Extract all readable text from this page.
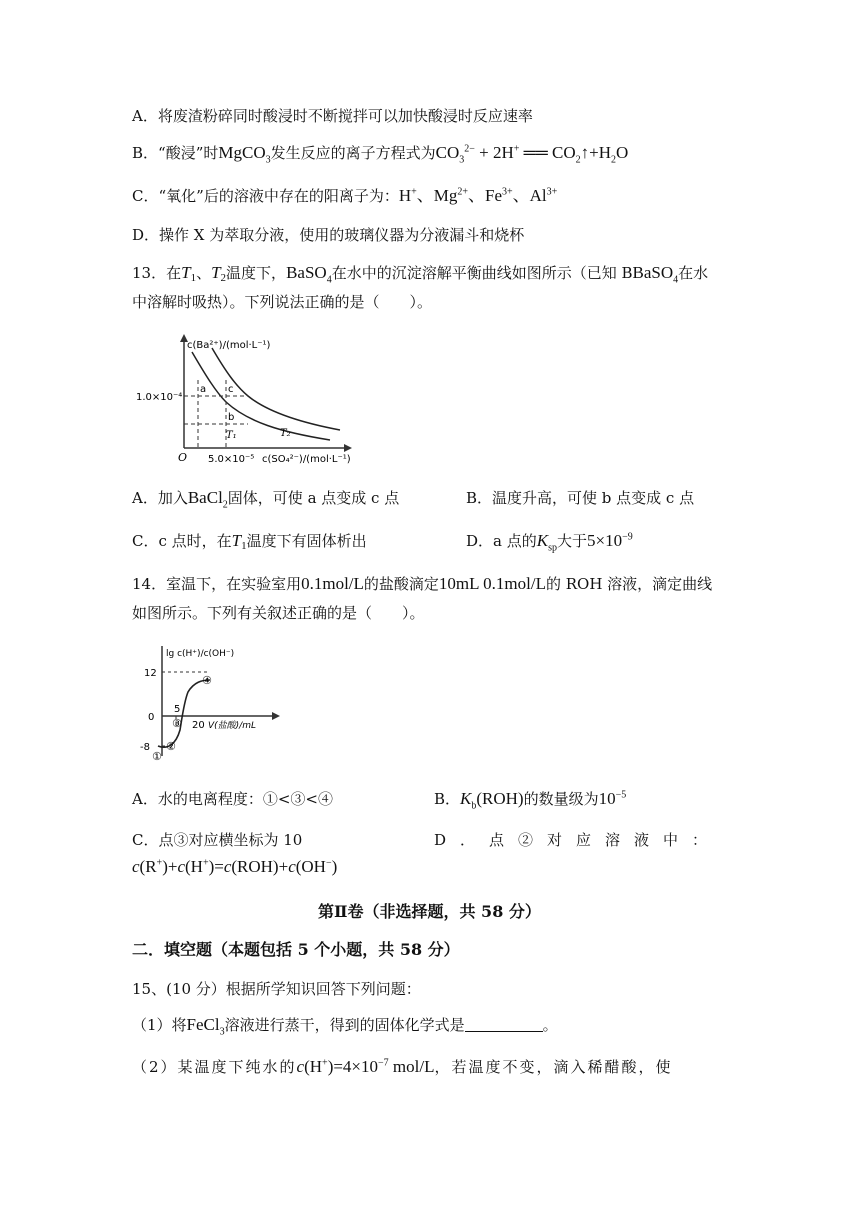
A．将废渣粉碎同时酸浸时不断搅拌可以加快酸浸时反应速率
B．“酸浸”时MgCO$_3$发生反应的离子方程式为$CO_3^{2-} + 2H^+$ ══ $CO_2↑+H_2O$
C．“氧化”后的溶液中存在的阳离子为：H+、$Mg^{2+}$、$Fe^{3+}$、$Al^{3+}$
D．操作 X 为萃取分液，使用的玻璃仪器为分液漏斗和烧杯
13．在$T_1$、$T_2$温度下，BaSO$_4$在水中的沉淀溶解平衡曲线如图所示（已知 BBaSO$_4$在水
中溶解时吸热）。下列说法正确的是（　　）。
c(Ba²⁺)/(mol·L⁻¹)
1.0×10⁻⁴
O 5.0×10⁻⁵ c(SO₄²⁻)/(mol·L⁻¹)
a
b
c
T₁	T₂
A．加入BaCl$_2$固体，可使 a 点变成 c 点	B．温度升高，可使 b 点变成 c 点
C．c 点时，在$T_1$温度下有固体析出	D．a 点的$K_{sp}$大于$5\times 10^{-9}$
14．室温下，在实验室用0.1mol/L的盐酸滴定10mL 0.1mol/L的 ROH 溶液，滴定曲线
如图所示。下列有关叙述正确的是（　　）。
lg c(H⁺)/c(OH⁻)
12
0
-8
5
20 V(盐酸)/mL
①
②
③
④
A．水的电离程度：①<③<④	B．$K_b(ROH)$的数量级为$10^{-5}$
C．点③对应横坐标为 10	D．点②对应溶液中：
c(R+)+c(H+)=c(ROH)+c(OH−)
第Ⅱ卷（非选择题，共 58 分）
二．填空题（本题包括 5 个小题，共 58 分）
15、(10 分）根据所学知识回答下列问题：
（1）将FeCl$_3$溶液进行蒸干，得到的固体化学式是	。
（2）某温度下纯水的$c(H^+)=4\times 10^{-7}$ mol/L，若温度不变，滴入稀醋酸，使
